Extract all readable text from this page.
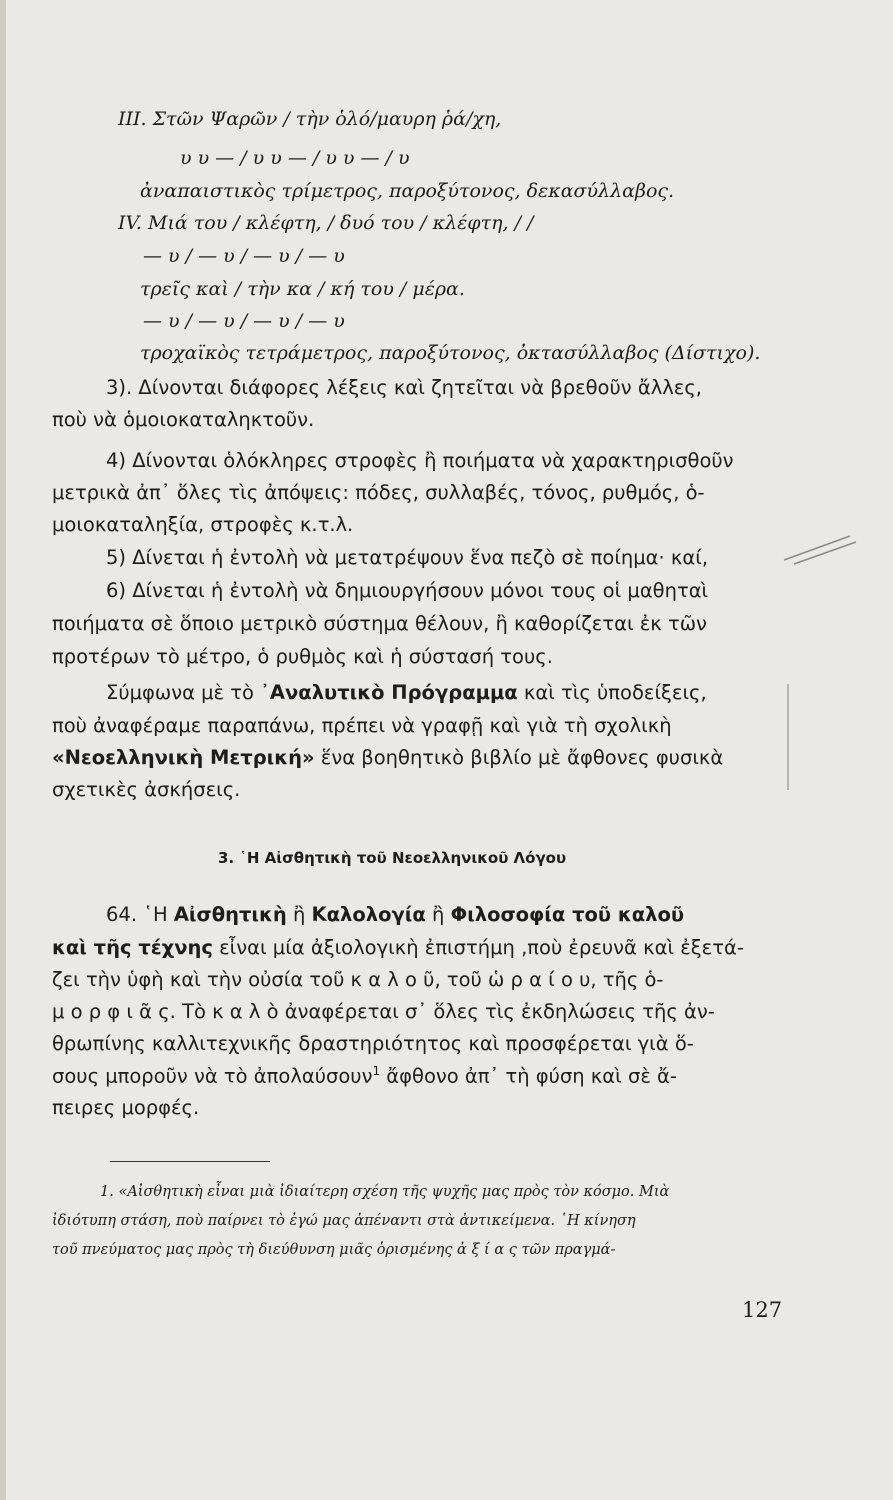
III. Στῶν Ψαρῶν / τὴν ὁλό/μαυρη ῥά/χη,
υ υ — / υ υ — / υ υ — / υ
ἀναπαιστικὸς τρίμετρος, παροξύτονος, δεκασύλλαβος.
IV. Μιά του / κλέφτη, / δυό του / κλέφτη, / /
— υ / — υ / — υ / — υ
τρεῖς καὶ / τὴν κα / κή του / μέρα.
— υ / — υ / — υ / — υ
τροχαϊκὸς τετράμετρος, παροξύτονος, ὀκτασύλλαβος (Δίστιχο).
3). Δίνονται διάφορες λέξεις καὶ ζητεῖται νὰ βρεθοῦν ἄλλες,
ποὺ νὰ ὁμοιοκαταληκτοῦν.
4) Δίνονται ὁλόκληρες στροφὲς ἢ ποιήματα νὰ χαρακτηρισθοῦν
μετρικὰ ἀπ᾿ ὅλες τὶς ἀπόψεις: πόδες, συλλαβές, τόνος, ρυθμός, ὁ-
μοιοκαταληξία, στροφὲς κ.τ.λ.
5) Δίνεται ἡ ἐντολὴ νὰ μετατρέψουν ἕνα πεζὸ σὲ ποίημα· καί,
6) Δίνεται ἡ ἐντολὴ νὰ δημιουργήσουν μόνοι τους οἱ μαθηταὶ
ποιήματα σὲ ὅποιο μετρικὸ σύστημα θέλουν, ἢ καθορίζεται ἐκ τῶν
προτέρων τὸ μέτρο, ὁ ρυθμὸς καὶ ἡ σύστασή τους.
Σύμφωνα μὲ τὸ ᾿Αναλυτικὸ Πρόγραμμα καὶ τὶς ὑποδείξεις,
ποὺ ἀναφέραμε παραπάνω, πρέπει νὰ γραφῇ καὶ γιὰ τὴ σχολικὴ
«Νεοελληνικὴ Μετρική» ἕνα βοηθητικὸ βιβλίο μὲ ἄφθονες φυσικὰ
σχετικὲς ἀσκήσεις.
3. ῾Η Αἰσθητικὴ τοῦ Νεοελληνικοῦ Λόγου
64. ῾Η Αἰσθητικὴ ἢ Καλολογία ἢ Φιλοσοφία τοῦ καλοῦ
καὶ τῆς τέχνης εἶναι μία ἀξιολογικὴ ἐπιστήμη ,ποὺ ἐρευνᾶ καὶ ἐξετά-
ζει τὴν ὑφὴ καὶ τὴν οὐσία τοῦ κ α λ ο ῦ, τοῦ ὡ ρ α ί ο υ, τῆς ὁ-
μ ο ρ φ ι ᾶ ς. Τὸ κ α λ ὸ ἀναφέρεται σ᾿ ὅλες τὶς ἐκδηλώσεις τῆς ἀν-
θρωπίνης καλλιτεχνικῆς δραστηριότητος καὶ προσφέρεται γιὰ ὅ-
σους μποροῦν νὰ τὸ ἀπολαύσουν$^1$ ἄφθονο ἀπ᾿ τὴ φύση καὶ σὲ ἄ-
πειρες μορφές.
1. «Αἰσθητικὴ εἶναι μιὰ ἰδιαίτερη σχέση τῆς ψυχῆς μας πρὸς τὸν κόσμο. Μιὰ
ἰδιότυπη στάση, ποὺ παίρνει τὸ ἐγώ μας ἀπέναντι στὰ ἀντικείμενα. ῾Η κίνηση
τοῦ πνεύματος μας πρὸς τὴ διεύθυνση μιᾶς ὁρισμένης ἀ ξ ί α ς τῶν πραγμά-
127
